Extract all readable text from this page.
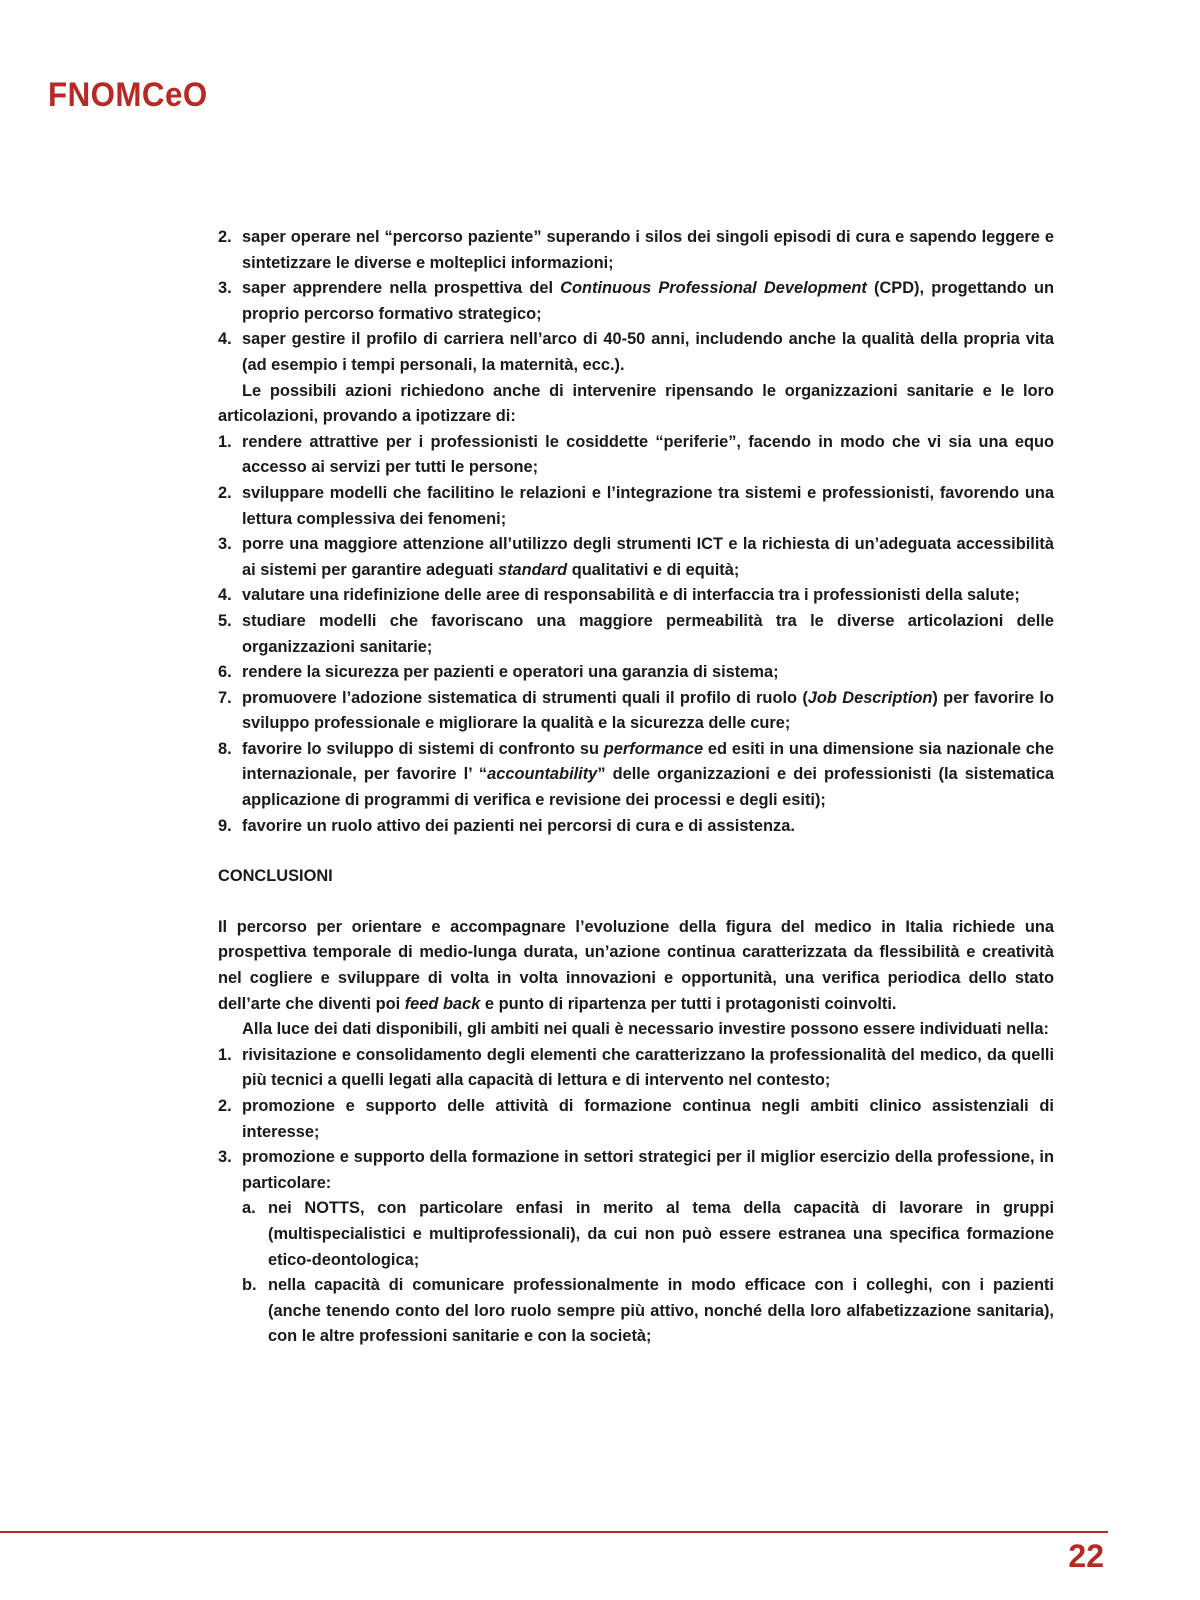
FNOMCeO
2. saper operare nel “percorso paziente” superando i silos dei singoli episodi di cura e sapendo leggere e sintetizzare le diverse e molteplici informazioni;
3. saper apprendere nella prospettiva del Continuous Professional Development (CPD), progettando un proprio percorso formativo strategico;
4. saper gestire il profilo di carriera nell’arco di 40-50 anni, includendo anche la qualità della propria vita (ad esempio i tempi personali, la maternità, ecc.).

Le possibili azioni richiedono anche di intervenire ripensando le organizzazioni sanitarie e le loro articolazioni, provando a ipotizzare di:

1. rendere attrattive per i professionisti le cosiddette “periferie”, facendo in modo che vi sia una equo accesso ai servizi per tutti le persone;
2. sviluppare modelli che facilitino le relazioni e l’integrazione tra sistemi e professionisti, favorendo una lettura complessiva dei fenomeni;
3. porre una maggiore attenzione all’utilizzo degli strumenti ICT e la richiesta di un’adeguata accessibilità ai sistemi per garantire adeguati standard qualitativi e di equità;
4. valutare una ridefinizione delle aree di responsabilità e di interfaccia tra i professionisti della salute;
5. studiare modelli che favoriscano una maggiore permeabilità tra le diverse articolazioni delle organizzazioni sanitarie;
6. rendere la sicurezza per pazienti e operatori una garanzia di sistema;
7. promuovere l’adozione sistematica di strumenti quali il profilo di ruolo (Job Description) per favorire lo sviluppo professionale e migliorare la qualità e la sicurezza delle cure;
8. favorire lo sviluppo di sistemi di confronto su performance ed esiti in una dimensione sia nazionale che internazionale, per favorire l’ “accountability” delle organizzazioni e dei professionisti (la sistematica applicazione di programmi di verifica e revisione dei processi e degli esiti);
9. favorire un ruolo attivo dei pazienti nei percorsi di cura e di assistenza.

CONCLUSIONI

Il percorso per orientare e accompagnare l’evoluzione della figura del medico in Italia richiede una prospettiva temporale di medio-lunga durata, un’azione continua caratterizzata da flessibilità e creatività nel cogliere e sviluppare di volta in volta innovazioni e opportunità, una verifica periodica dello stato dell’arte che diventi poi feed back e punto di ripartenza per tutti i protagonisti coinvolti.

Alla luce dei dati disponibili, gli ambiti nei quali è necessario investire possono essere individuati nella:

1. rivisitazione e consolidamento degli elementi che caratterizzano la professionalità del medico, da quelli più tecnici a quelli legati alla capacità di lettura e di intervento nel contesto;
2. promozione e supporto delle attività di formazione continua negli ambiti clinico assistenziali di interesse;
3. promozione e supporto della formazione in settori strategici per il miglior esercizio della professione, in particolare:
a. nei NOTTS, con particolare enfasi in merito al tema della capacità di lavorare in gruppi (multispecialistici e multiprofessionali), da cui non può essere estranea una specifica formazione etico-deontologica;
b. nella capacità di comunicare professionalmente in modo efficace con i colleghi, con i pazienti (anche tenendo conto del loro ruolo sempre più attivo, nonché della loro alfabetizzazione sanitaria), con le altre professioni sanitarie e con la società;
22
